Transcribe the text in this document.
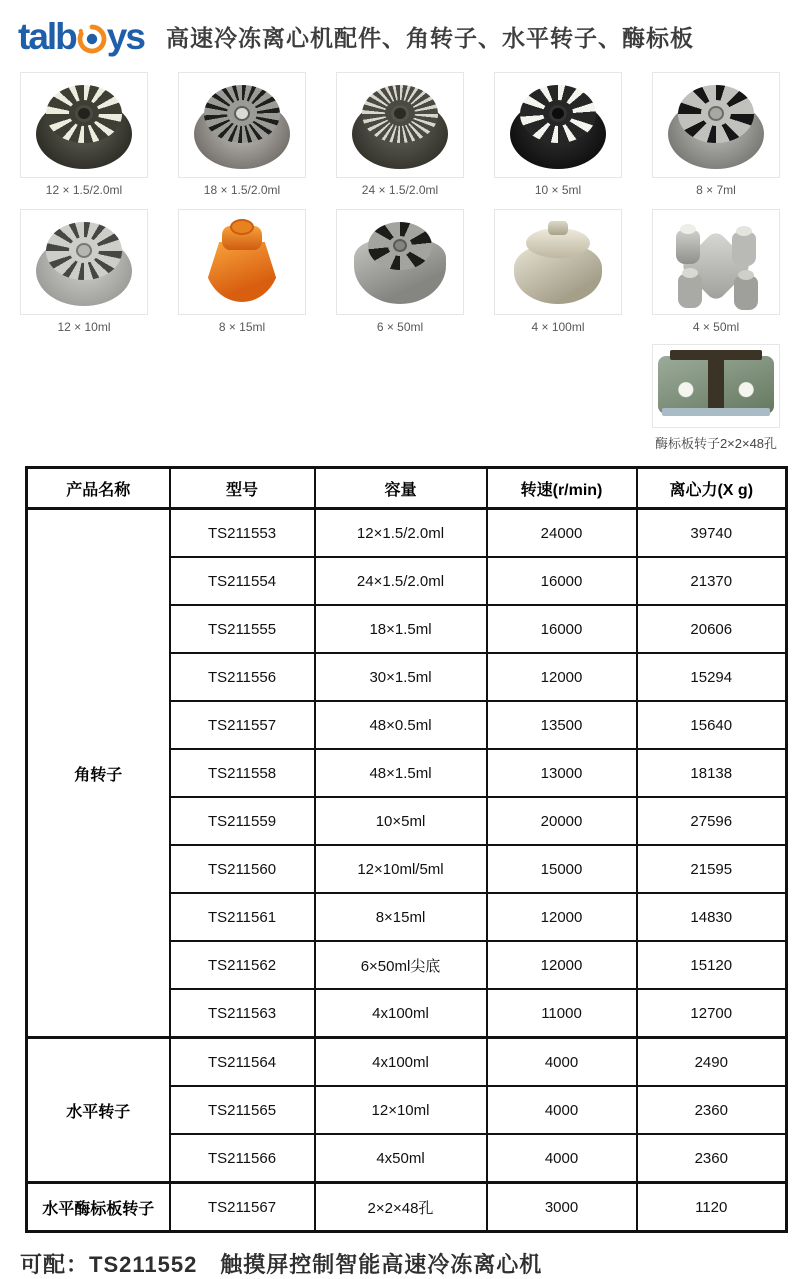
talb ys 高速冷冻离心机配件、角转子、水平转子、酶标板
12 × 1.5/2.0ml	18 × 1.5/2.0ml	24 × 1.5/2.0ml	10 × 5ml	8 × 7ml
12 × 10ml	8 × 15ml	6 × 50ml	4 × 100ml	4 × 50ml
酶标板转子2×2×48孔
产品名称	型号	容量	转速(r/min)	离心力(X g)
角转子	TS211553	12×1.5/2.0ml	24000	39740
	TS211554	24×1.5/2.0ml	16000	21370
	TS211555	18×1.5ml	16000	20606
	TS211556	30×1.5ml	12000	15294
	TS211557	48×0.5ml	13500	15640
	TS211558	48×1.5ml	13000	18138
	TS211559	10×5ml	20000	27596
	TS211560	12×10ml/5ml	15000	21595
	TS211561	8×15ml	12000	14830
	TS211562	6×50ml尖底	12000	15120
	TS211563	4x100ml	11000	12700
水平转子	TS211564	4x100ml	4000	2490
	TS211565	12×10ml	4000	2360
	TS211566	4x50ml	4000	2360
水平酶标板转子	TS211567	2×2×48孔	3000	1120

可配：TS211552　触摸屏控制智能高速冷冻离心机
